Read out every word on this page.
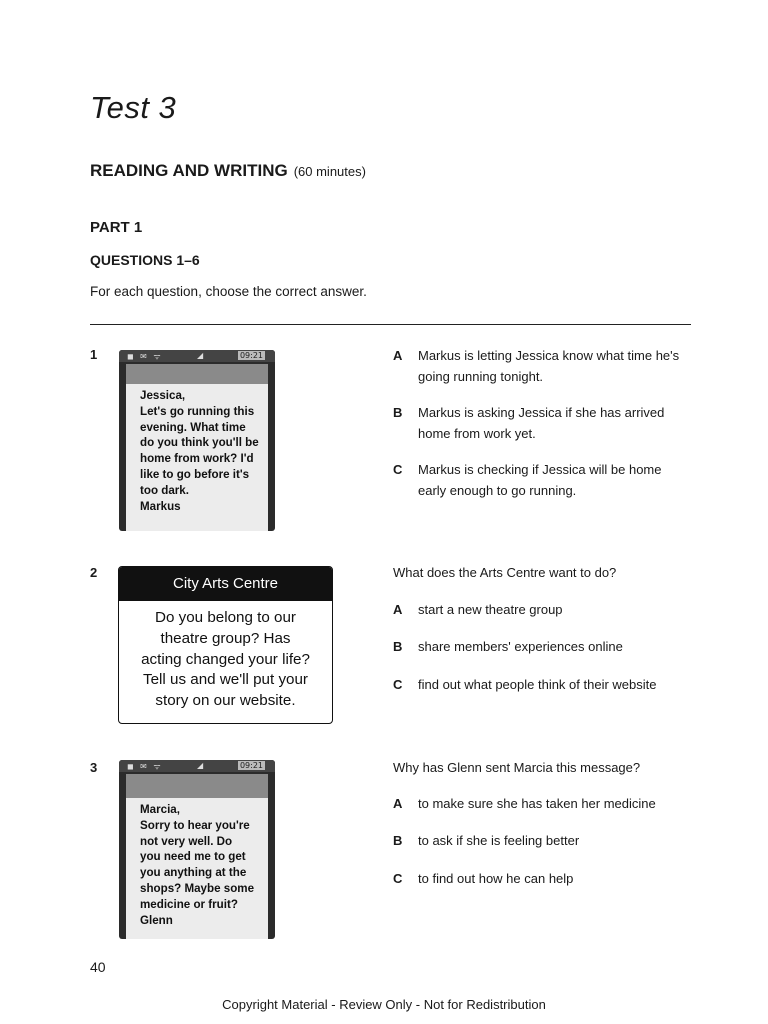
Test 3
READING AND WRITING (60 minutes)
PART 1
QUESTIONS 1–6
For each question, choose the correct answer.
1	◼ ✉ ᯤ	◢	09:21
Jessica,
Let's go running this
evening. What time
do you think you'll be
home from work? I'd
like to go before it's
too dark.
Markus
A Markus is letting Jessica know what time he's going running tonight.
B Markus is asking Jessica if she has arrived home from work yet.
C Markus is checking if Jessica will be home early enough to go running.
2
City Arts Centre
Do you belong to our
theatre group? Has
acting changed your life?
Tell us and we'll put your
story on our website.
What does the Arts Centre want to do?
A start a new theatre group
B share members' experiences online
C find out what people think of their website
3	◼ ✉ ᯤ	◢	09:21
Marcia,
Sorry to hear you're
not very well. Do
you need me to get
you anything at the
shops? Maybe some
medicine or fruit?
Glenn
Why has Glenn sent Marcia this message?
A to make sure she has taken her medicine
B to ask if she is feeling better
C to find out how he can help
40
Copyright Material - Review Only - Not for Redistribution
